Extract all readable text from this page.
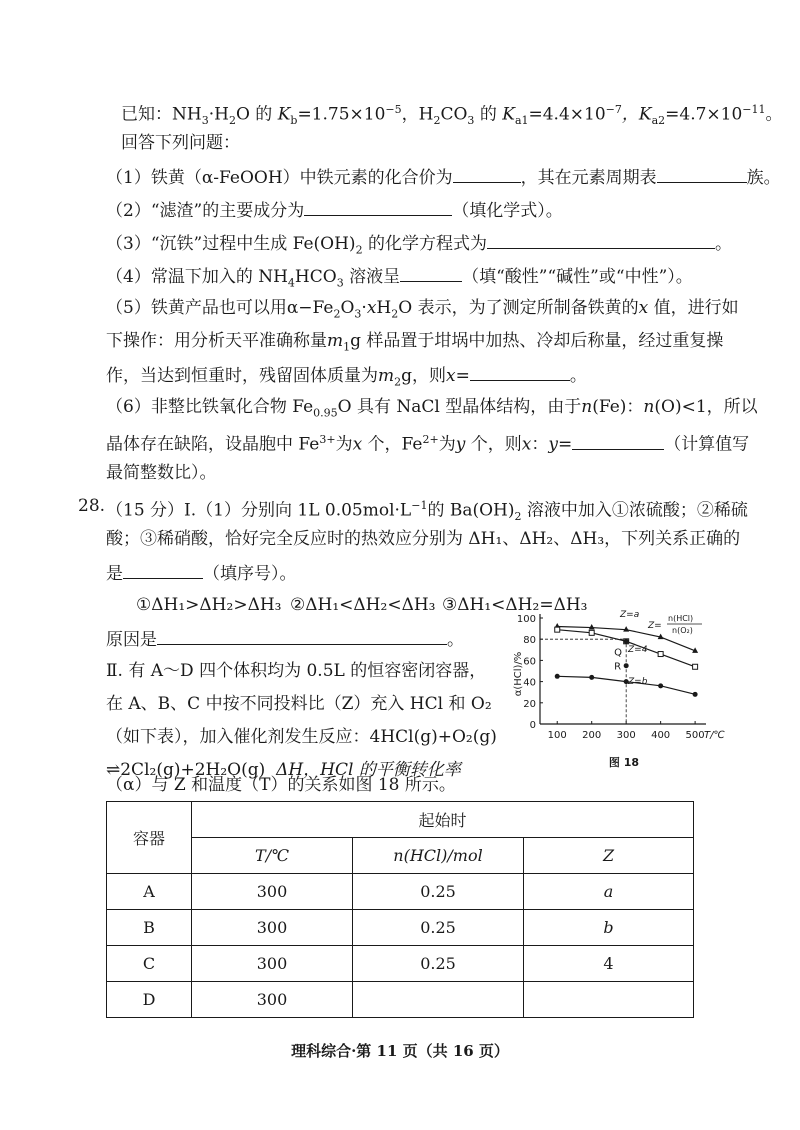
已知：$NH_3\cdot H_2O$ 的 $K_b=1.75\times 10^{-5}$，$H_2CO_3$ 的 $K_{a1}=4.4\times 10^{-7}$，$K_{a2}=4.7\times 10^{-11}$。
回答下列问题：
（1）铁黄（α-FeOOH）中铁元素的化合价为	，其在元素周期表	族。
（2）“滤渣”的主要成分为	（填化学式）。
（3）“沉铁”过程中生成 $Fe(OH)_2$ 的化学方程式为	。
（4）常温下加入的 $NH_4HCO_3$ 溶液呈	（填“酸性”“碱性”或“中性”）。
（5）铁黄产品也可以用$\alpha-Fe_2O_3\cdot xH_2O$ 表示，为了测定所制备铁黄的x 值，进行如
下操作：用分析天平准确称量$m_1g$ 样品置于坩埚中加热、冷却后称量，经过重复操
作，当达到恒重时，残留固体质量为$m_2g$，则x=	。
（6）非整比铁氧化合物 $Fe_{0.95}O$ 具有 NaCl 型晶体结构，由于n(Fe)：n(O)<1，所以
晶体存在缺陷，设晶胞中 $Fe^{3+}$为x 个，$Fe^{2+}$为y 个，则x：y=	（计算值写
最简整数比）。
28. （15 分）Ⅰ.（1）分别向 1L $0.05mol\cdot L^{-1}$的 $Ba(OH)_2$ 溶液中加入①浓硫酸；②稀硫
酸；③稀硝酸，恰好完全反应时的热效应分别为 ΔH₁、ΔH₂、ΔH₃，下列关系正确的
是	（填序号）。
①ΔH₁>ΔH₂>ΔH₃ ②ΔH₁<ΔH₂<ΔH₃ ③ΔH₁<ΔH₂=ΔH₃
原因是	。
Ⅱ. 有 A～D 四个体积均为 0.5L 的恒容密闭容器，
在 A、B、C 中按不同投料比（Z）充入 HCl 和 O₂
（如下表），加入催化剂发生反应：4HCl(g)+O₂(g)
⇌2Cl₂(g)+2H₂O(g) ΔH，HCl 的平衡转化率
100
80
60
40
20
0
100 200 300 400 500 T/℃
α(HCl)/%	Q
R
Z=a
Z=
n(HCl)
n(O₂)
Z=4
Z=b
图 18
容器	起始时		
	T/℃	n(HCl)/mol	Z
A	300	0.25	a
B	300	0.25	b
C	300	0.25	4
D	300		
理科综合·第 11 页（共 16 页）
（α）与 Z 和温度（T）的关系如图 18 所示。
